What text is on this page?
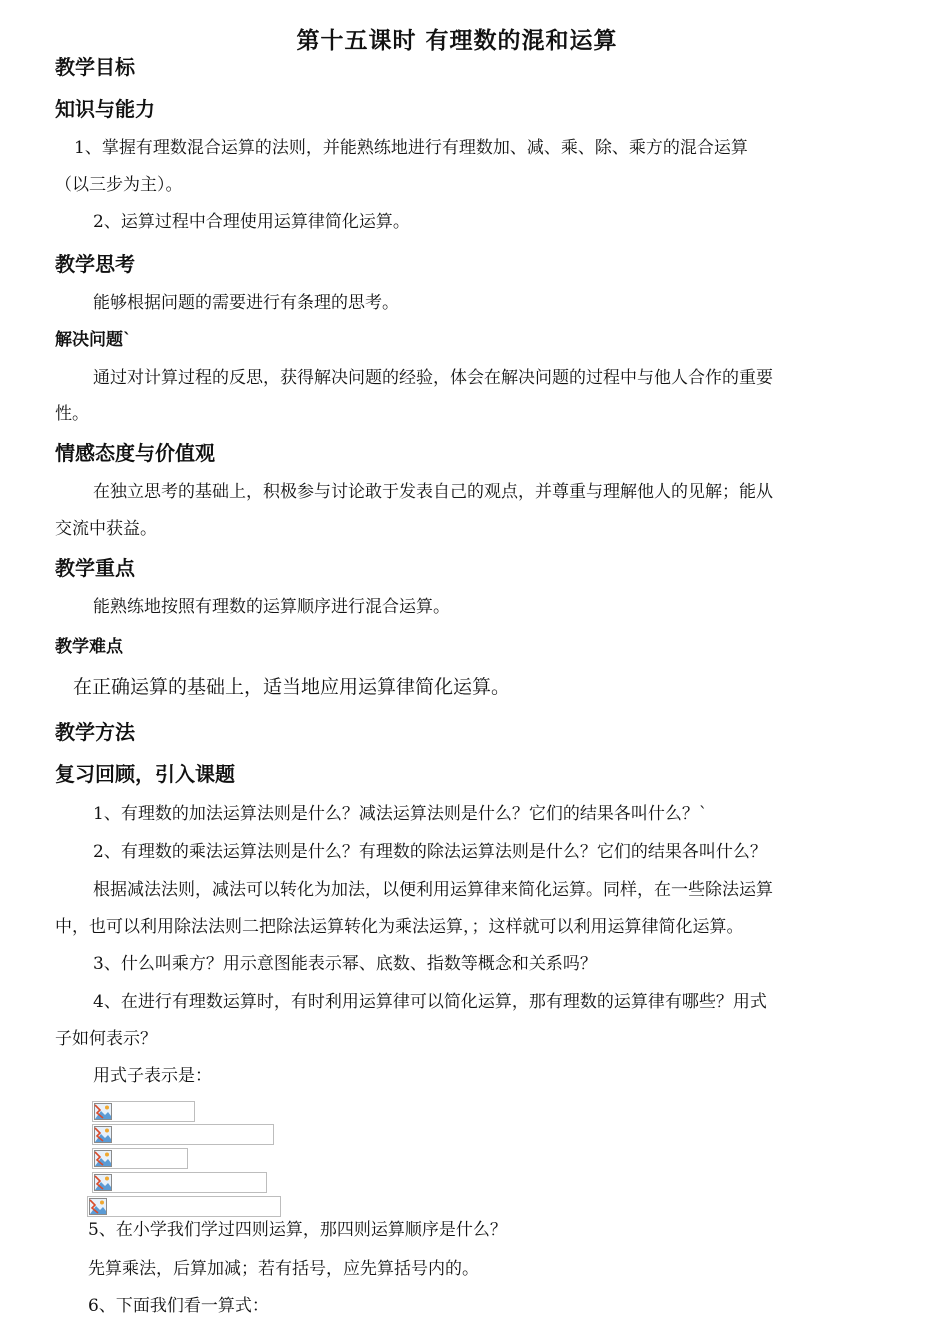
第十五课时 有理数的混和运算
教学目标
知识与能力
1、掌握有理数混合运算的法则，并能熟练地进行有理数加、减、乘、除、乘方的混合运算
（以三步为主）。
2、运算过程中合理使用运算律简化运算。
教学思考
能够根据问题的需要进行有条理的思考。
解决问题`
通过对计算过程的反思，获得解决问题的经验，体会在解决问题的过程中与他人合作的重要
性。
情感态度与价值观
在独立思考的基础上，积极参与讨论敢于发表自己的观点，并尊重与理解他人的见解；能从
交流中获益。
教学重点
能熟练地按照有理数的运算顺序进行混合运算。
教学难点
在正确运算的基础上，适当地应用运算律简化运算。
教学方法
复习回顾，引入课题
1、有理数的加法运算法则是什么？减法运算法则是什么？它们的结果各叫什么？`
2、有理数的乘法运算法则是什么？有理数的除法运算法则是什么？它们的结果各叫什么？
根据减法法则，减法可以转化为加法，以便利用运算律来简化运算。同样，在一些除法运算
中，也可以利用除法法则二把除法运算转化为乘法运算，；这样就可以利用运算律简化运算。
3、什么叫乘方？用示意图能表示幂、底数、指数等概念和关系吗？
4、在进行有理数运算时，有时利用运算律可以简化运算，那有理数的运算律有哪些？用式
子如何表示？
用式子表示是：
5、在小学我们学过四则运算，那四则运算顺序是什么？
先算乘法，后算加减；若有括号，应先算括号内的。
6、下面我们看一算式：
